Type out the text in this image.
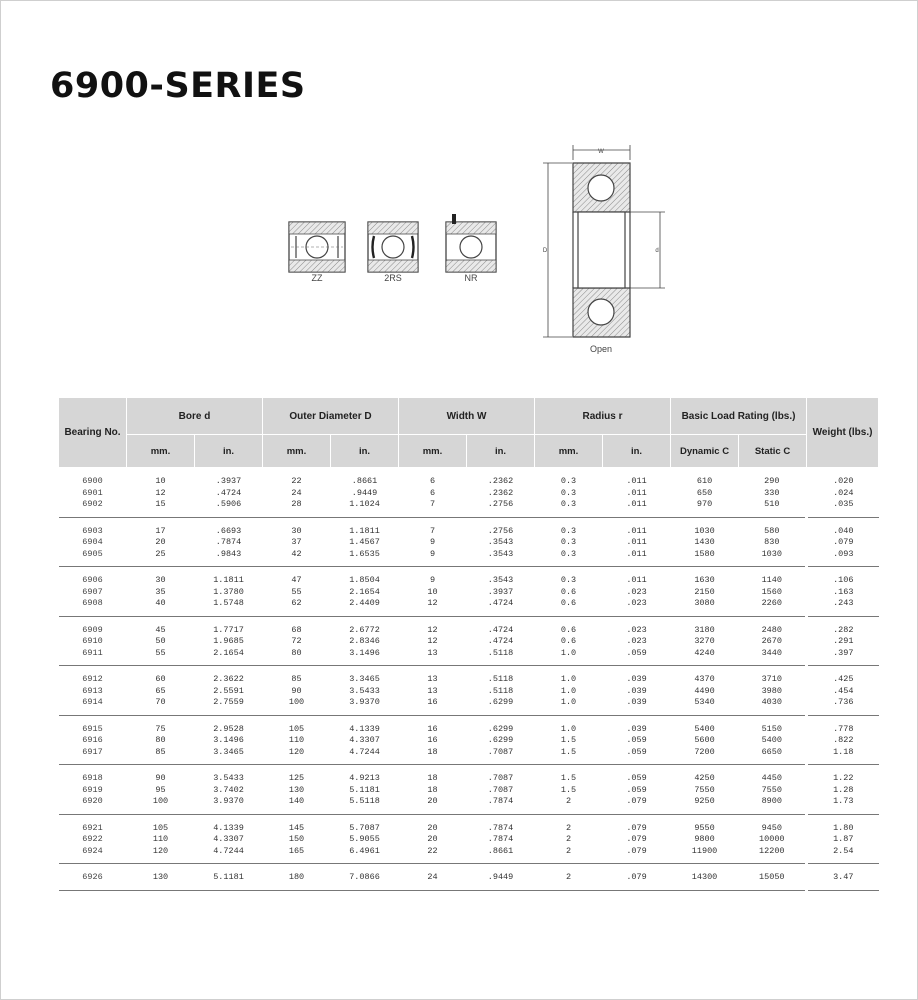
6900-SERIES
ZZ	2RS	NR
W
D	d
Open
Bearing No.	Bore d		Outer Diameter D		Width W		Radius r		Basic Load Rating (lbs.)		Weight (lbs.)
	mm.	in.	mm.	in.	mm.	in.	mm.	in.	Dynamic C	Static C	
6900	10	.3937	22	.8661	6	.2362	0.3	.011	610	290	.020
6901	12	.4724	24	.9449	6	.2362	0.3	.011	650	330	.024
6902	15	.5906	28	1.1024	7	.2756	0.3	.011	970	510	.035
6903	17	.6693	30	1.1811	7	.2756	0.3	.011	1030	580	.040
6904	20	.7874	37	1.4567	9	.3543	0.3	.011	1430	830	.079
6905	25	.9843	42	1.6535	9	.3543	0.3	.011	1580	1030	.093
6906	30	1.1811	47	1.8504	9	.3543	0.3	.011	1630	1140	.106
6907	35	1.3780	55	2.1654	10	.3937	0.6	.023	2150	1560	.163
6908	40	1.5748	62	2.4409	12	.4724	0.6	.023	3080	2260	.243
6909	45	1.7717	68	2.6772	12	.4724	0.6	.023	3180	2480	.282
6910	50	1.9685	72	2.8346	12	.4724	0.6	.023	3270	2670	.291
6911	55	2.1654	80	3.1496	13	.5118	1.0	.059	4240	3440	.397
6912	60	2.3622	85	3.3465	13	.5118	1.0	.039	4370	3710	.425
6913	65	2.5591	90	3.5433	13	.5118	1.0	.039	4490	3980	.454
6914	70	2.7559	100	3.9370	16	.6299	1.0	.039	5340	4030	.736
6915	75	2.9528	105	4.1339	16	.6299	1.0	.039	5400	5150	.778
6916	80	3.1496	110	4.3307	16	.6299	1.5	.059	5600	5400	.822
6917	85	3.3465	120	4.7244	18	.7087	1.5	.059	7200	6650	1.18
6918	90	3.5433	125	4.9213	18	.7087	1.5	.059	4250	4450	1.22
6919	95	3.7402	130	5.1181	18	.7087	1.5	.059	7550	7550	1.28
6920	100	3.9370	140	5.5118	20	.7874	2	.079	9250	8900	1.73
6921	105	4.1339	145	5.7087	20	.7874	2	.079	9550	9450	1.80
6922	110	4.3307	150	5.9055	20	.7874	2	.079	9800	10000	1.87
6924	120	4.7244	165	6.4961	22	.8661	2	.079	11900	12200	2.54
6926	130	5.1181	180	7.0866	24	.9449	2	.079	14300	15050	3.47
